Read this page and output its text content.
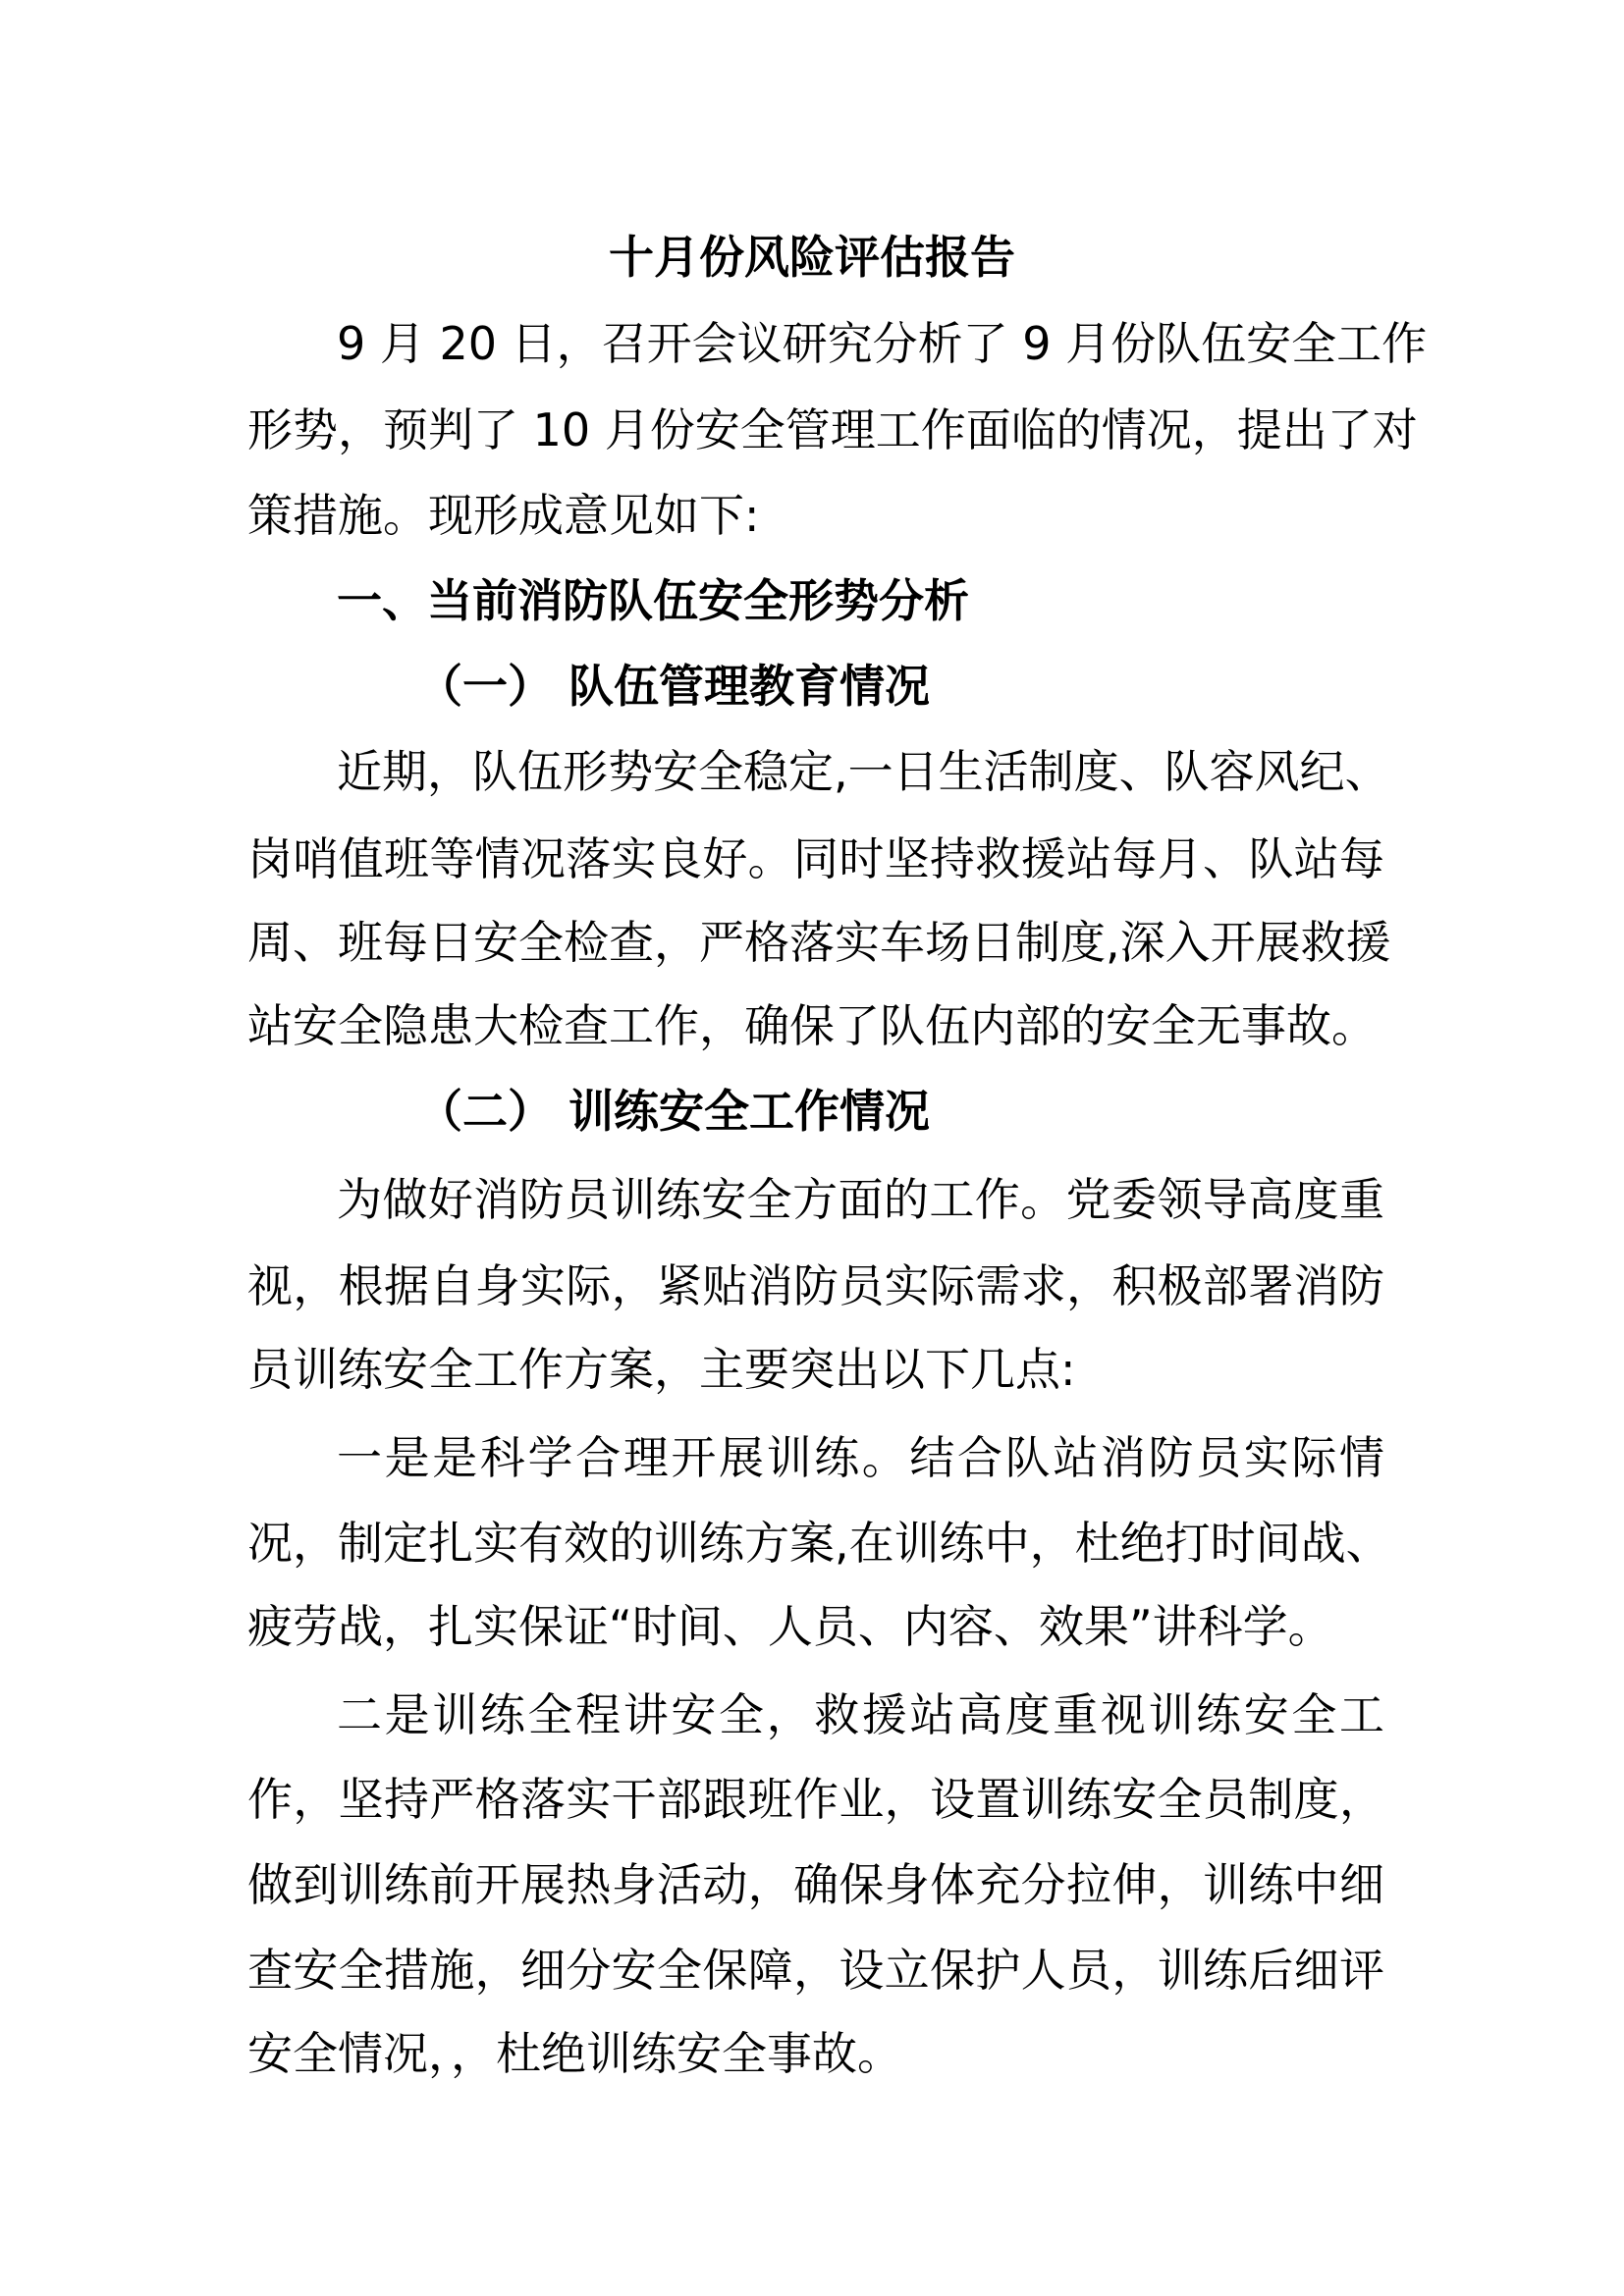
十月份风险评估报告
9 月 20 日，召开会议研究分析了 9 月份队伍安全工作
形势，预判了 10 月份安全管理工作面临的情况，提出了对
策措施。现形成意见如下:
一、当前消防队伍安全形势分析
（一） 队伍管理教育情况
近期，队伍形势安全稳定,一日生活制度、队容风纪、
岗哨值班等情况落实良好。同时坚持救援站每月、队站每
周、班每日安全检查，严格落实车场日制度,深入开展救援
站安全隐患大检查工作，确保了队伍内部的安全无事故。
（二） 训练安全工作情况
为做好消防员训练安全方面的工作。党委领导高度重
视，根据自身实际，紧贴消防员实际需求，积极部署消防
员训练安全工作方案，主要突出以下几点:
一是是科学合理开展训练。结合队站消防员实际情
况，制定扎实有效的训练方案,在训练中，杜绝打时间战、
疲劳战，扎实保证“时间、人员、内容、效果”讲科学。
二是训练全程讲安全，救援站高度重视训练安全工
作，坚持严格落实干部跟班作业，设置训练安全员制度，
做到训练前开展热身活动，确保身体充分拉伸，训练中细
查安全措施，细分安全保障，设立保护人员，训练后细评
安全情况，，杜绝训练安全事故。
